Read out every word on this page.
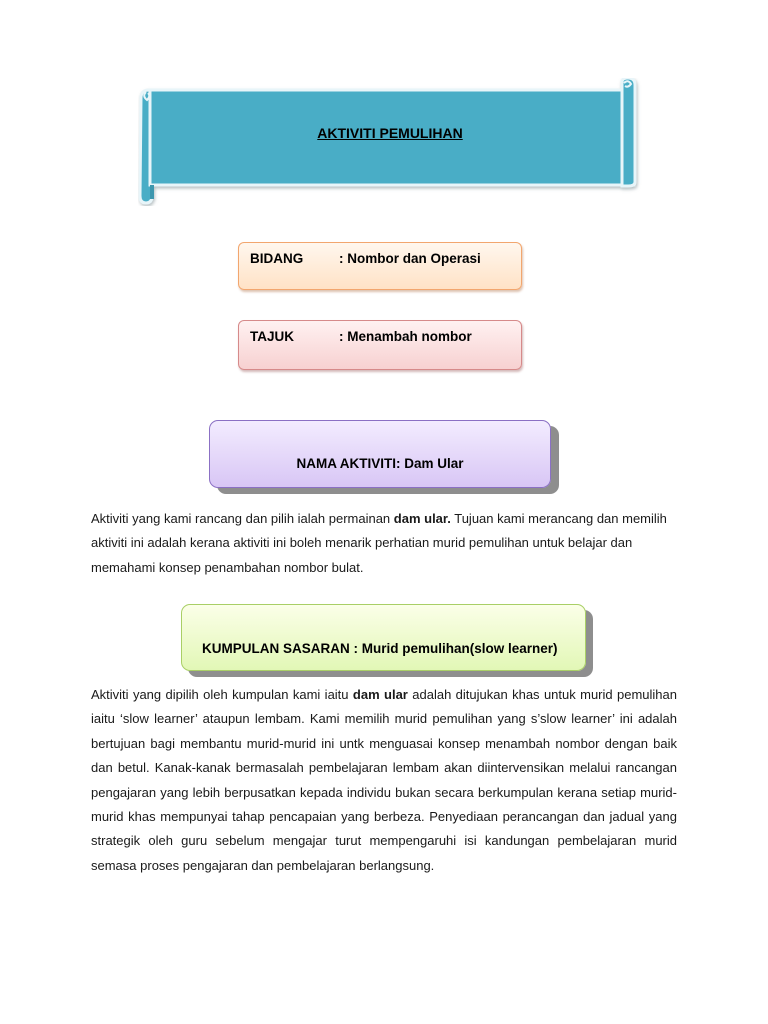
AKTIVITI PEMULIHAN
BIDANG	: Nombor dan Operasi
TAJUK	: Menambah nombor
NAMA AKTIVITI: Dam Ular
Aktiviti yang kami rancang dan pilih ialah permainan dam ular. Tujuan kami merancang dan memilih aktiviti ini adalah kerana aktiviti ini boleh menarik perhatian murid pemulihan untuk belajar dan memahami konsep penambahan nombor bulat.
KUMPULAN SASARAN : Murid pemulihan(slow learner)
Aktiviti yang dipilih oleh kumpulan kami iaitu dam ular adalah ditujukan khas untuk murid pemulihan iaitu ‘slow learner’ ataupun lembam. Kami memilih murid pemulihan yang s’slow learner’ ini adalah bertujuan bagi membantu murid-murid ini untk menguasai konsep menambah nombor dengan baik dan betul. Kanak-kanak bermasalah pembelajaran lembam akan diintervensikan melalui rancangan pengajaran yang lebih berpusatkan kepada individu bukan secara berkumpulan kerana setiap murid-murid khas mempunyai tahap pencapaian yang berbeza. Penyediaan perancangan dan jadual yang strategik oleh guru sebelum mengajar turut mempengaruhi isi kandungan pembelajaran murid semasa proses pengajaran dan pembelajaran berlangsung.
